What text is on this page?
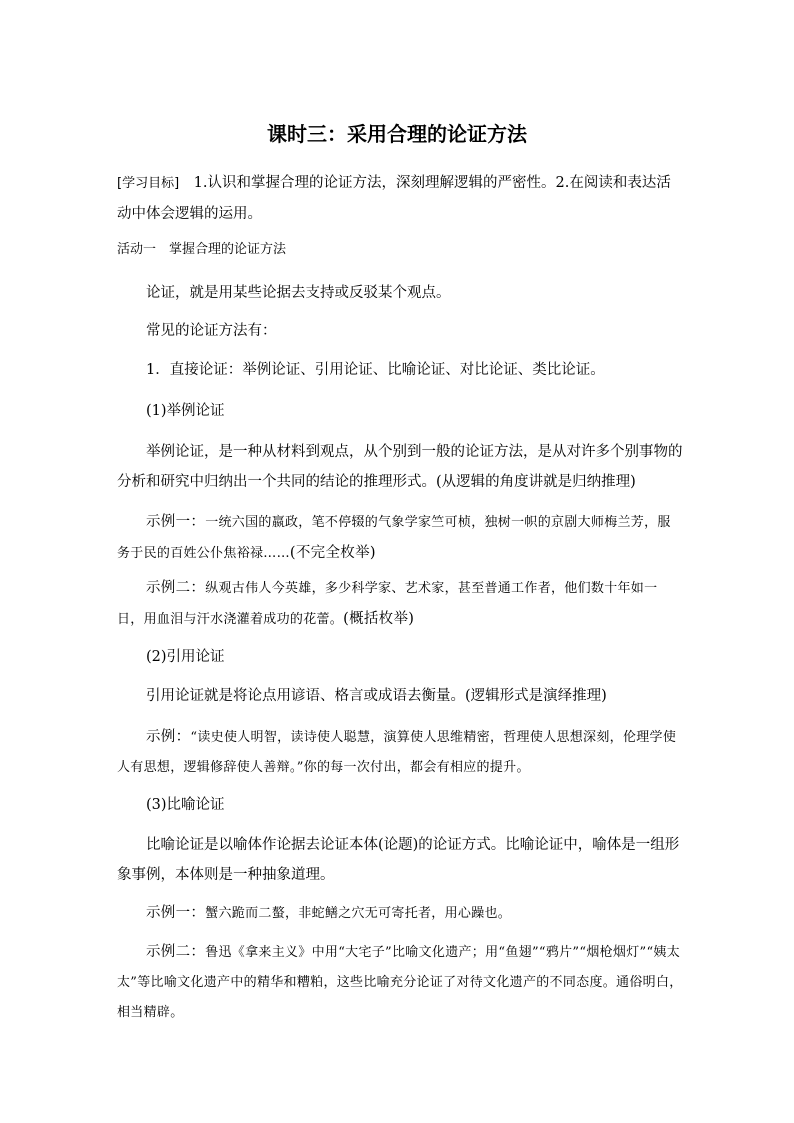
课时三：采用合理的论证方法

[学习目标]　 1.认识和掌握合理的论证方法，深刻理解逻辑的严密性。2.在阅读和表达活动中体会逻辑的运用。

活动一　掌握合理的论证方法

论证，就是用某些论据去支持或反驳某个观点。

常见的论证方法有：

1．直接论证：举例论证、引用论证、比喻论证、对比论证、类比论证。

(1)举例论证

举例论证，是一种从材料到观点，从个别到一般的论证方法，是从对许多个别事物的分析和研究中归纳出一个共同的结论的推理形式。(从逻辑的角度讲就是归纳推理)

示例一：一统六国的嬴政，笔不停辍的气象学家竺可桢，独树一帜的京剧大师梅兰芳，服务于民的百姓公仆焦裕禄……(不完全枚举)

示例二：纵观古伟人今英雄，多少科学家、艺术家，甚至普通工作者，他们数十年如一日，用血泪与汗水浇灌着成功的花蕾。(概括枚举)

(2)引用论证

引用论证就是将论点用谚语、格言或成语去衡量。(逻辑形式是演绎推理)

示例：“读史使人明智，读诗使人聪慧，演算使人思维精密，哲理使人思想深刻，伦理学使人有思想，逻辑修辞使人善辩。”你的每一次付出，都会有相应的提升。

(3)比喻论证

比喻论证是以喻体作论据去论证本体(论题)的论证方式。比喻论证中，喻体是一组形象事例，本体则是一种抽象道理。

示例一：蟹六跪而二螯，非蛇鳝之穴无可寄托者，用心躁也。

示例二：鲁迅《拿来主义》中用“大宅子”比喻文化遗产；用“鱼翅”“鸦片”“烟枪烟灯”“姨太太”等比喻文化遗产中的精华和糟粕，这些比喻充分论证了对待文化遗产的不同态度。通俗明白，相当精辟。
